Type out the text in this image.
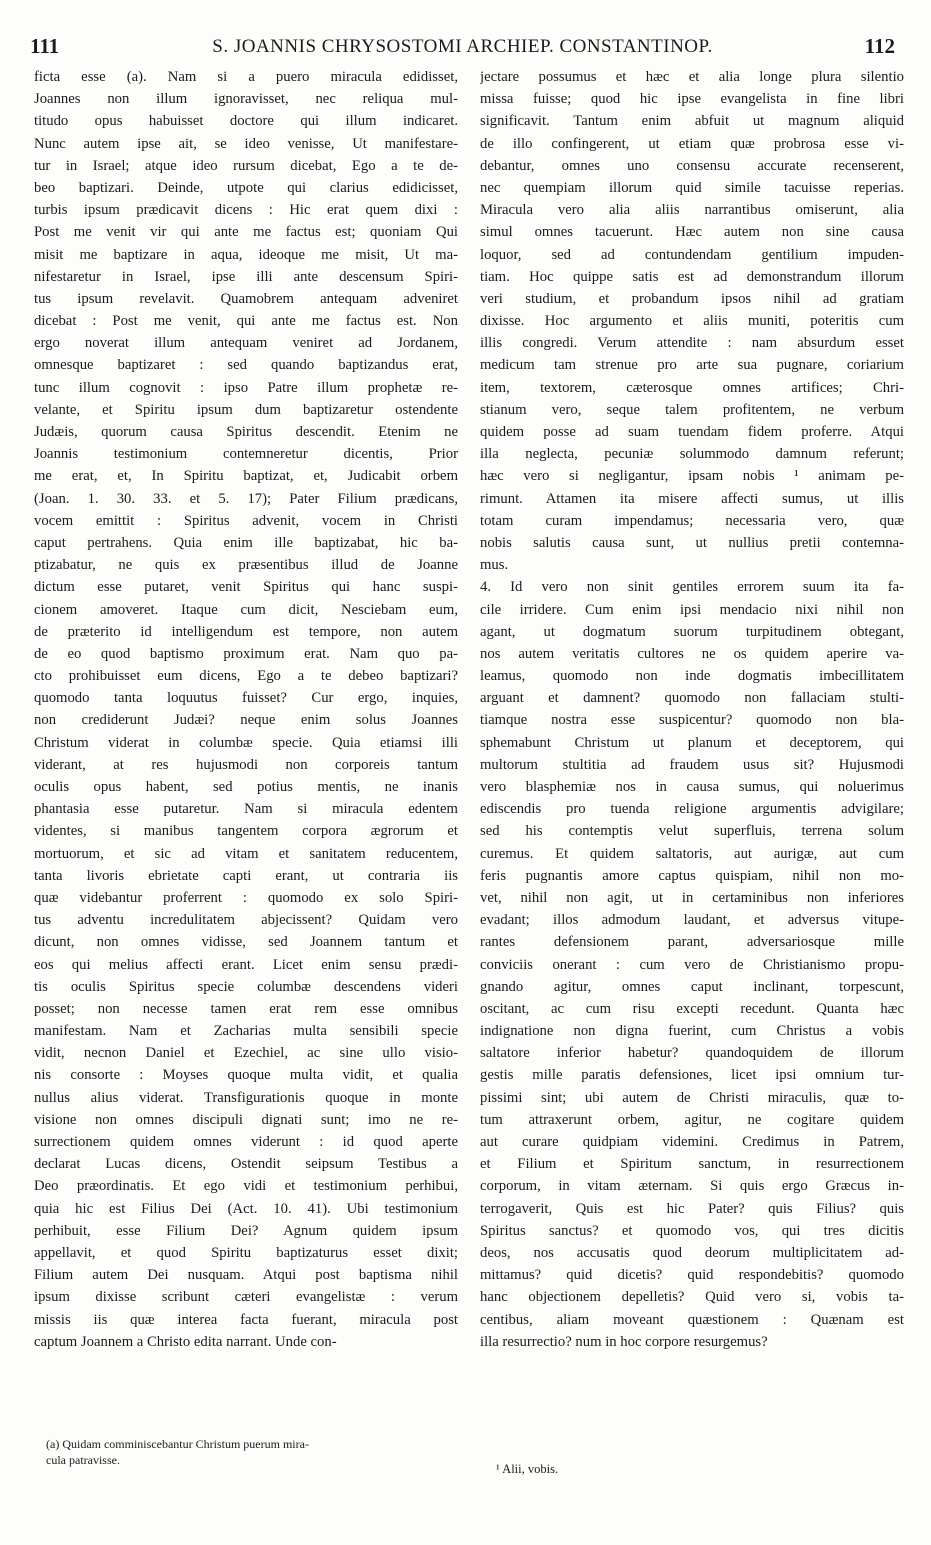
111	S. JOANNIS CHRYSOSTOMI ARCHIEP. CONSTANTINOP.	112
ficta esse (a). Nam si a puero miracula edidisset,
Joannes non illum ignoravisset, nec reliqua mul-
titudo opus habuisset doctore qui illum indicaret.
Nunc autem ipse ait, se ideo venisse, Ut manifestare-
tur in Israel; atque ideo rursum dicebat, Ego a te de-
beo baptizari. Deinde, utpote qui clarius edidicisset,
turbis ipsum prædicavit dicens : Hic erat quem dixi :
Post me venit vir qui ante me factus est; quoniam Qui
misit me baptizare in aqua, ideoque me misit, Ut ma-
nifestaretur in Israel, ipse illi ante descensum Spiri-
tus ipsum revelavit. Quamobrem antequam adveniret
dicebat : Post me venit, qui ante me factus est. Non
ergo noverat illum antequam veniret ad Jordanem,
omnesque baptizaret : sed quando baptizandus erat,
tunc illum cognovit : ipso Patre illum prophetæ re-
velante, et Spiritu ipsum dum baptizaretur ostendente
Judæis, quorum causa Spiritus descendit. Etenim ne
Joannis testimonium contemneretur dicentis, Prior
me erat, et, In Spiritu baptizat, et, Judicabit orbem
(Joan. 1. 30. 33. et 5. 17); Pater Filium prædicans,
vocem emittit : Spiritus advenit, vocem in Christi
caput pertrahens. Quia enim ille baptizabat, hic ba-
ptizabatur, ne quis ex præsentibus illud de Joanne
dictum esse putaret, venit Spiritus qui hanc suspi-
cionem amoveret. Itaque cum dicit, Nesciebam eum,
de præterito id intelligendum est tempore, non autem
de eo quod baptismo proximum erat. Nam quo pa-
cto prohibuisset eum dicens, Ego a te debeo baptizari?
quomodo tanta loquutus fuisset? Cur ergo, inquies,
non crediderunt Judæi? neque enim solus Joannes
Christum viderat in columbæ specie. Quia etiamsi illi
viderant, at res hujusmodi non corporeis tantum
oculis opus habent, sed potius mentis, ne inanis
phantasia esse putaretur. Nam si miracula edentem
videntes, si manibus tangentem corpora ægrorum et
mortuorum, et sic ad vitam et sanitatem reducentem,
tanta livoris ebrietate capti erant, ut contraria iis
quæ videbantur proferrent : quomodo ex solo Spiri-
tus adventu incredulitatem abjecissent? Quidam vero
dicunt, non omnes vidisse, sed Joannem tantum et
eos qui melius affecti erant. Licet enim sensu prædi-
tis oculis Spiritus specie columbæ descendens videri
posset; non necesse tamen erat rem esse omnibus
manifestam. Nam et Zacharias multa sensibili specie
vidit, necnon Daniel et Ezechiel, ac sine ullo visio-
nis consorte : Moyses quoque multa vidit, et qualia
nullus alius viderat. Transfigurationis quoque in monte
visione non omnes discipuli dignati sunt; imo ne re-
surrectionem quidem omnes viderunt : id quod aperte
declarat Lucas dicens, Ostendit seipsum Testibus a
Deo præordinatis. Et ego vidi et testimonium perhibui,
quia hic est Filius Dei (Act. 10. 41). Ubi testimonium
perhibuit, esse Filium Dei? Agnum quidem ipsum
appellavit, et quod Spiritu baptizaturus esset dixit;
Filium autem Dei nusquam. Atqui post baptisma nihil
ipsum dixisse scribunt cæteri evangelistæ : verum
missis iis quæ interea facta fuerant, miracula post
captum Joannem a Christo edita narrant. Unde con-
jectare possumus et hæc et alia longe plura silentio
missa fuisse; quod hic ipse evangelista in fine libri
significavit. Tantum enim abfuit ut magnum aliquid
de illo confingerent, ut etiam quæ probrosa esse vi-
debantur, omnes uno consensu accurate recenserent,
nec quempiam illorum quid simile tacuisse reperias.
Miracula vero alia aliis narrantibus omiserunt, alia
simul omnes tacuerunt. Hæc autem non sine causa
loquor, sed ad contundendam gentilium impuden-
tiam. Hoc quippe satis est ad demonstrandum illorum
veri studium, et probandum ipsos nihil ad gratiam
dixisse. Hoc argumento et aliis muniti, poteritis cum
illis congredi. Verum attendite : nam absurdum esset
medicum tam strenue pro arte sua pugnare, coriarium
item, textorem, cæterosque omnes artifices; Chri-
stianum vero, seque talem profitentem, ne verbum
quidem posse ad suam tuendam fidem proferre. Atqui
illa neglecta, pecuniæ solummodo damnum referunt;
hæc vero si negligantur, ipsam nobis ¹ animam pe-
rimunt. Attamen ita misere affecti sumus, ut illis
totam curam impendamus; necessaria vero, quæ
nobis salutis causa sunt, ut nullius pretii contemna-
mus.
4. Id vero non sinit gentiles errorem suum ita fa-
cile irridere. Cum enim ipsi mendacio nixi nihil non
agant, ut dogmatum suorum turpitudinem obtegant,
nos autem veritatis cultores ne os quidem aperire va-
leamus, quomodo non inde dogmatis imbecillitatem
arguant et damnent? quomodo non fallaciam stulti-
tiamque nostra esse suspicentur? quomodo non bla-
sphemabunt Christum ut planum et deceptorem, qui
multorum stultitia ad fraudem usus sit? Hujusmodi
vero blasphemiæ nos in causa sumus, qui noluerimus
ediscendis pro tuenda religione argumentis advigilare;
sed his contemptis velut superfluis, terrena solum
curemus. Et quidem saltatoris, aut aurigæ, aut cum
feris pugnantis amore captus quispiam, nihil non mo-
vet, nihil non agit, ut in certaminibus non inferiores
evadant; illos admodum laudant, et adversus vitupe-
rantes defensionem parant, adversariosque mille
conviciis onerant : cum vero de Christianismo propu-
gnando agitur, omnes caput inclinant, torpescunt,
oscitant, ac cum risu excepti recedunt. Quanta hæc
indignatione non digna fuerint, cum Christus a vobis
saltatore inferior habetur? quandoquidem de illorum
gestis mille paratis defensiones, licet ipsi omnium tur-
pissimi sint; ubi autem de Christi miraculis, quæ to-
tum attraxerunt orbem, agitur, ne cogitare quidem
aut curare quidpiam videmini. Credimus in Patrem,
et Filium et Spiritum sanctum, in resurrectionem
corporum, in vitam æternam. Si quis ergo Græcus in-
terrogaverit, Quis est hic Pater? quis Filius? quis
Spiritus sanctus? et quomodo vos, qui tres dicitis
deos, nos accusatis quod deorum multiplicitatem ad-
mittamus? quid dicetis? quid respondebitis? quomodo
hanc objectionem depelletis? Quid vero si, vobis ta-
centibus, aliam moveant quæstionem : Quænam est
illa resurrectio? num in hoc corpore resurgemus?
(a) Quidam comminiscebantur Christum puerum mira-
cula patravisse.
¹ Alii, vobis.
